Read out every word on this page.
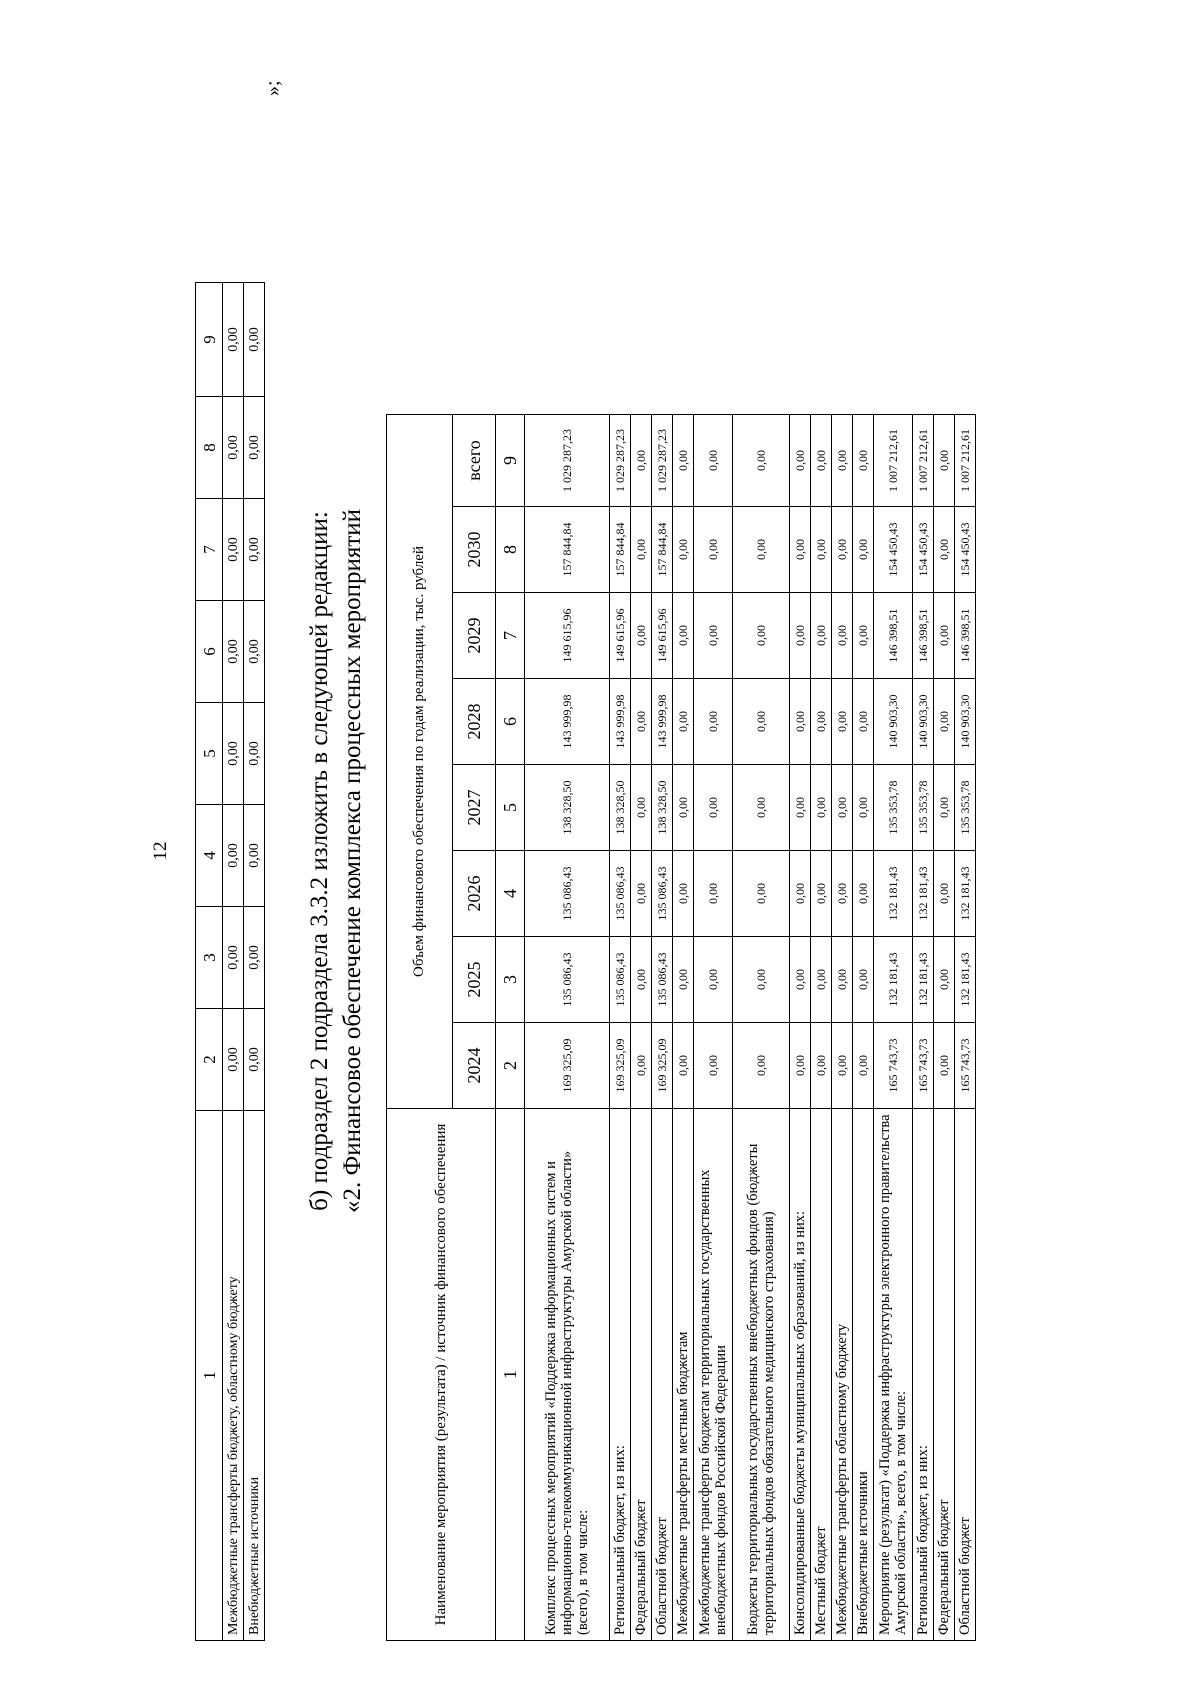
12
1	2	3	4	5	6	7	8	9
Межбюджетные трансферты бюджету, областному бюджету	0,00	0,00	0,00	0,00	0,00	0,00	0,00	0,00
Внебюджетные источники	0,00	0,00	0,00	0,00	0,00	0,00	0,00	0,00
»;
б) подраздел 2 подраздела 3.3.2 изложить в следующей редакции: «2. Финансовое обеспечение комплекса процессных мероприятий
Наименование мероприятия (результата) / источник финансового обеспечения	Объем финансового обеспечения по годам реализации, тыс. рублей							
	2024	2025	2026	2027	2028	2029	2030	всего
1	2	3	4	5	6	7	8	9
Комплекс процессных мероприятий «Поддержка информационных систем и информационно-телекоммуникационной инфраструктуры Амурской области» (всего), в том числе:	169 325,09	135 086,43	135 086,43	138 328,50	143 999,98	149 615,96	157 844,84	1 029 287,23
Региональный бюджет, из них:	169 325,09	135 086,43	135 086,43	138 328,50	143 999,98	149 615,96	157 844,84	1 029 287,23
Федеральный бюджет	0,00	0,00	0,00	0,00	0,00	0,00	0,00	0,00
Областной бюджет	169 325,09	135 086,43	135 086,43	138 328,50	143 999,98	149 615,96	157 844,84	1 029 287,23
Межбюджетные трансферты местным бюджетам	0,00	0,00	0,00	0,00	0,00	0,00	0,00	0,00
Межбюджетные трансферты бюджетам территориальных государственных внебюджетных фондов Российской Федерации	0,00	0,00	0,00	0,00	0,00	0,00	0,00	0,00
Бюджеты территориальных государственных внебюджетных фондов (бюджеты территориальных фондов обязательного медицинского страхования)	0,00	0,00	0,00	0,00	0,00	0,00	0,00	0,00
Консолидированные бюджеты муниципальных образований, из них:	0,00	0,00	0,00	0,00	0,00	0,00	0,00	0,00
Местный бюджет	0,00	0,00	0,00	0,00	0,00	0,00	0,00	0,00
Межбюджетные трансферты областному бюджету	0,00	0,00	0,00	0,00	0,00	0,00	0,00	0,00
Внебюджетные источники	0,00	0,00	0,00	0,00	0,00	0,00	0,00	0,00
Мероприятие (результат) «Поддержка инфраструктуры электронного правительства Амурской области», всего, в том числе:	165 743,73	132 181,43	132 181,43	135 353,78	140 903,30	146 398,51	154 450,43	1 007 212,61
Региональный бюджет, из них:	165 743,73	132 181,43	132 181,43	135 353,78	140 903,30	146 398,51	154 450,43	1 007 212,61
Федеральный бюджет	0,00	0,00	0,00	0,00	0,00	0,00	0,00	0,00
Областной бюджет	165 743,73	132 181,43	132 181,43	135 353,78	140 903,30	146 398,51	154 450,43	1 007 212,61
